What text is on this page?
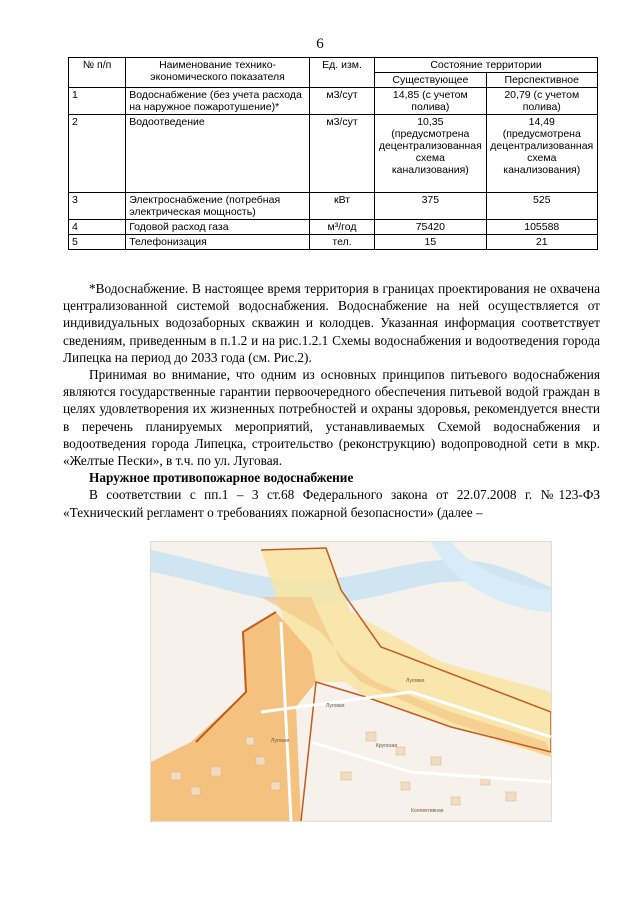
6
№ п/п	Наименование технико-экономического показателя	Ед. изм.	Состояние территории	
			Существующее	Перспективное
1	Водоснабжение (без учета расхода на наружное пожаротушение)*	м3/сут	14,85 (с учетом полива)	20,79 (с учетом полива)
2	Водоотведение	м3/сут	10,35 (предусмотрена децентрализованная схема канализования)	14,49 (предусмотрена децентрализованная схема канализования)
3	Электроснабжение (потребная электрическая мощность)	кВт	375	525
4	Годовой расход газа	м³/год	75420	105588
5	Телефонизация	тел.	15	21

*Водоснабжение. В настоящее время территория в границах проектирования не охвачена централизованной системой водоснабжения. Водоснабжение на ней осуществляется от индивидуальных водозаборных скважин и колодцев. Указанная информация соответствует сведениям, приведенным в п.1.2 и на рис.1.2.1 Схемы водоснабжения и водоотведения города Липецка на период до 2033 года (см. Рис.2).

Принимая во внимание, что одним из основных принципов питьевого водоснабжения являются государственные гарантии первоочередного обеспечения питьевой водой граждан в целях удовлетворения их жизненных потребностей и охраны здоровья, рекомендуется внести в перечень планируемых мероприятий, устанавливаемых Схемой водоснабжения и водоотведения города Липецка, строительство (реконструкцию) водопроводной сети в мкр. «Желтые Пески», в т.ч. по ул. Луговая.

Наружное противопожарное водоснабжение

В соответствии с пп.1 – 3 ст.68 Федерального закона от 22.07.2008 г. №123-ФЗ «Технический регламент о требованиях пожарной безопасности» (далее –

Луговая
Луговая
Луговая
Крупская
Коллективная
